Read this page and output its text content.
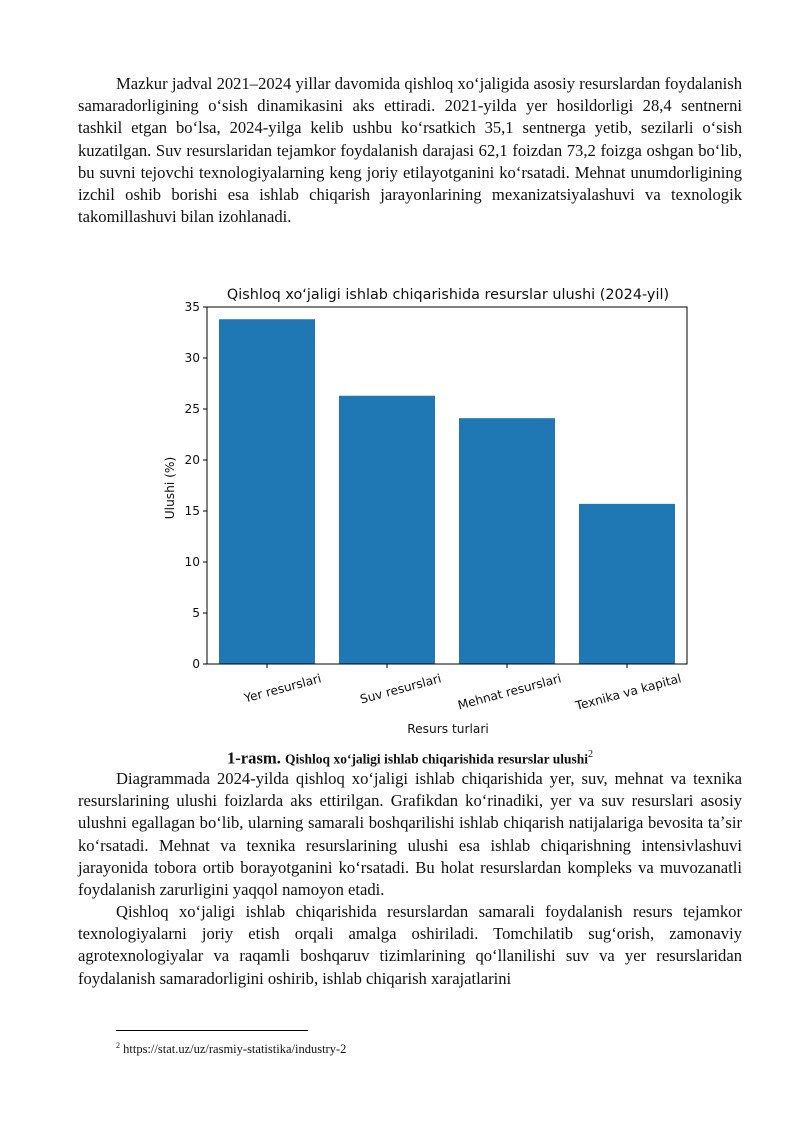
Mazkur jadval 2021–2024 yillar davomida qishloq xoʻjaligida asosiy resurslardan foydalanish samaradorligining oʻsish dinamikasini aks ettiradi. 2021-yilda yer hosildorligi 28,4 sentnerni tashkil etgan boʻlsa, 2024-yilga kelib ushbu koʻrsatkich 35,1 sentnerga yetib, sezilarli oʻsish kuzatilgan. Suv resurslaridan tejamkor foydalanish darajasi 62,1 foizdan 73,2 foizga oshgan boʻlib, bu suvni tejovchi texnologiyalarning keng joriy etilayotganini koʻrsatadi. Mehnat unumdorligining izchil oshib borishi esa ishlab chiqarish jarayonlarining mexanizatsiyalashuvi va texnologik takomillashuvi bilan izohlanadi.

Qishloq xoʻjaligi ishlab chiqarishida resurslar ulushi (2024-yil)
0
5
10
15
20
25
30
35
Yer resurslari	Suv resurslari Mehnat resurslari Texnika va kapital
Resurs turlari
Ulushi (%)

1-rasm. Qishloq xoʻjaligi ishlab chiqarishida resurslar ulushi$^2$

Diagrammada 2024-yilda qishloq xoʻjaligi ishlab chiqarishida yer, suv, mehnat va texnika resurslarining ulushi foizlarda aks ettirilgan. Grafikdan koʻrinadiki, yer va suv resurslari asosiy ulushni egallagan boʻlib, ularning samarali boshqarilishi ishlab chiqarish natijalariga bevosita taʼsir koʻrsatadi. Mehnat va texnika resurslarining ulushi esa ishlab chiqarishning intensivlashuvi jarayonida tobora ortib borayotganini koʻrsatadi. Bu holat resurslardan kompleks va muvozanatli foydalanish zarurligini yaqqol namoyon etadi.

Qishloq xoʻjaligi ishlab chiqarishida resurslardan samarali foydalanish resurs tejamkor texnologiyalarni joriy etish orqali amalga oshiriladi. Tomchilatib sugʻorish, zamonaviy agrotexnologiyalar va raqamli boshqaruv tizimlarining qoʻllanilishi suv va yer resurslaridan foydalanish samaradorligini oshirib, ishlab chiqarish xarajatlarini

$^2$ https://stat.uz/uz/rasmiy-statistika/industry-2
